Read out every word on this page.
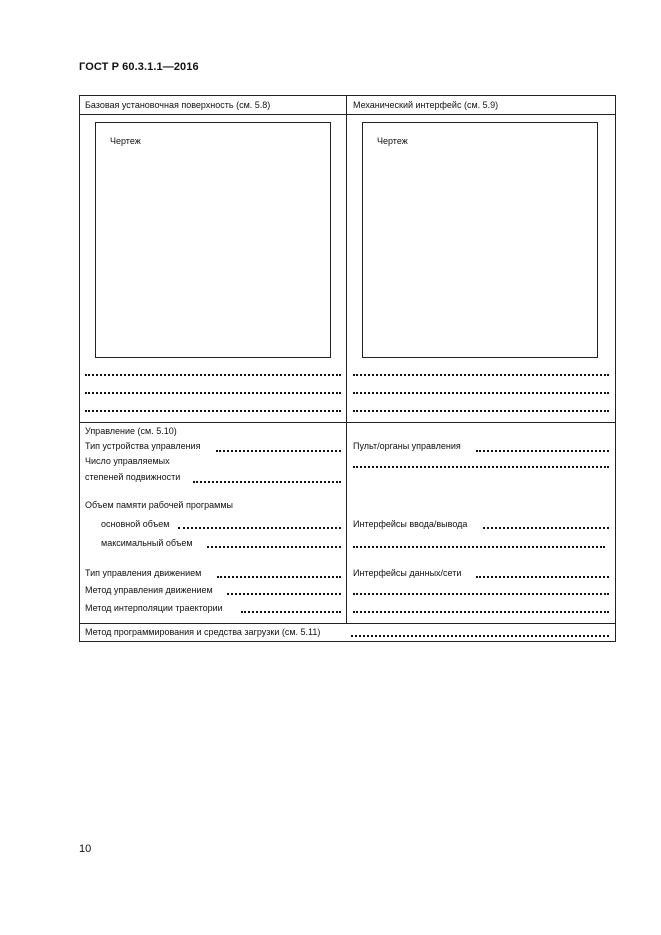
ГОСТ Р 60.3.1.1—2016
Базовая установочная поверхность (см. 5.8)	Механический интерфейс (см. 5.9)
Чертеж	Чертеж
Управление (см. 5.10)
Тип устройства управления
Число управляемых
степеней подвижности
Объем памяти рабочей программы
основной объем
максимальный объем
Тип управления движением
Метод управления движением
Метод интерполяции траектории
Пульт/органы управления
Интерфейсы ввода/вывода
Интерфейсы данных/сети
Метод программирования и средства загрузки (см. 5.11)
10
